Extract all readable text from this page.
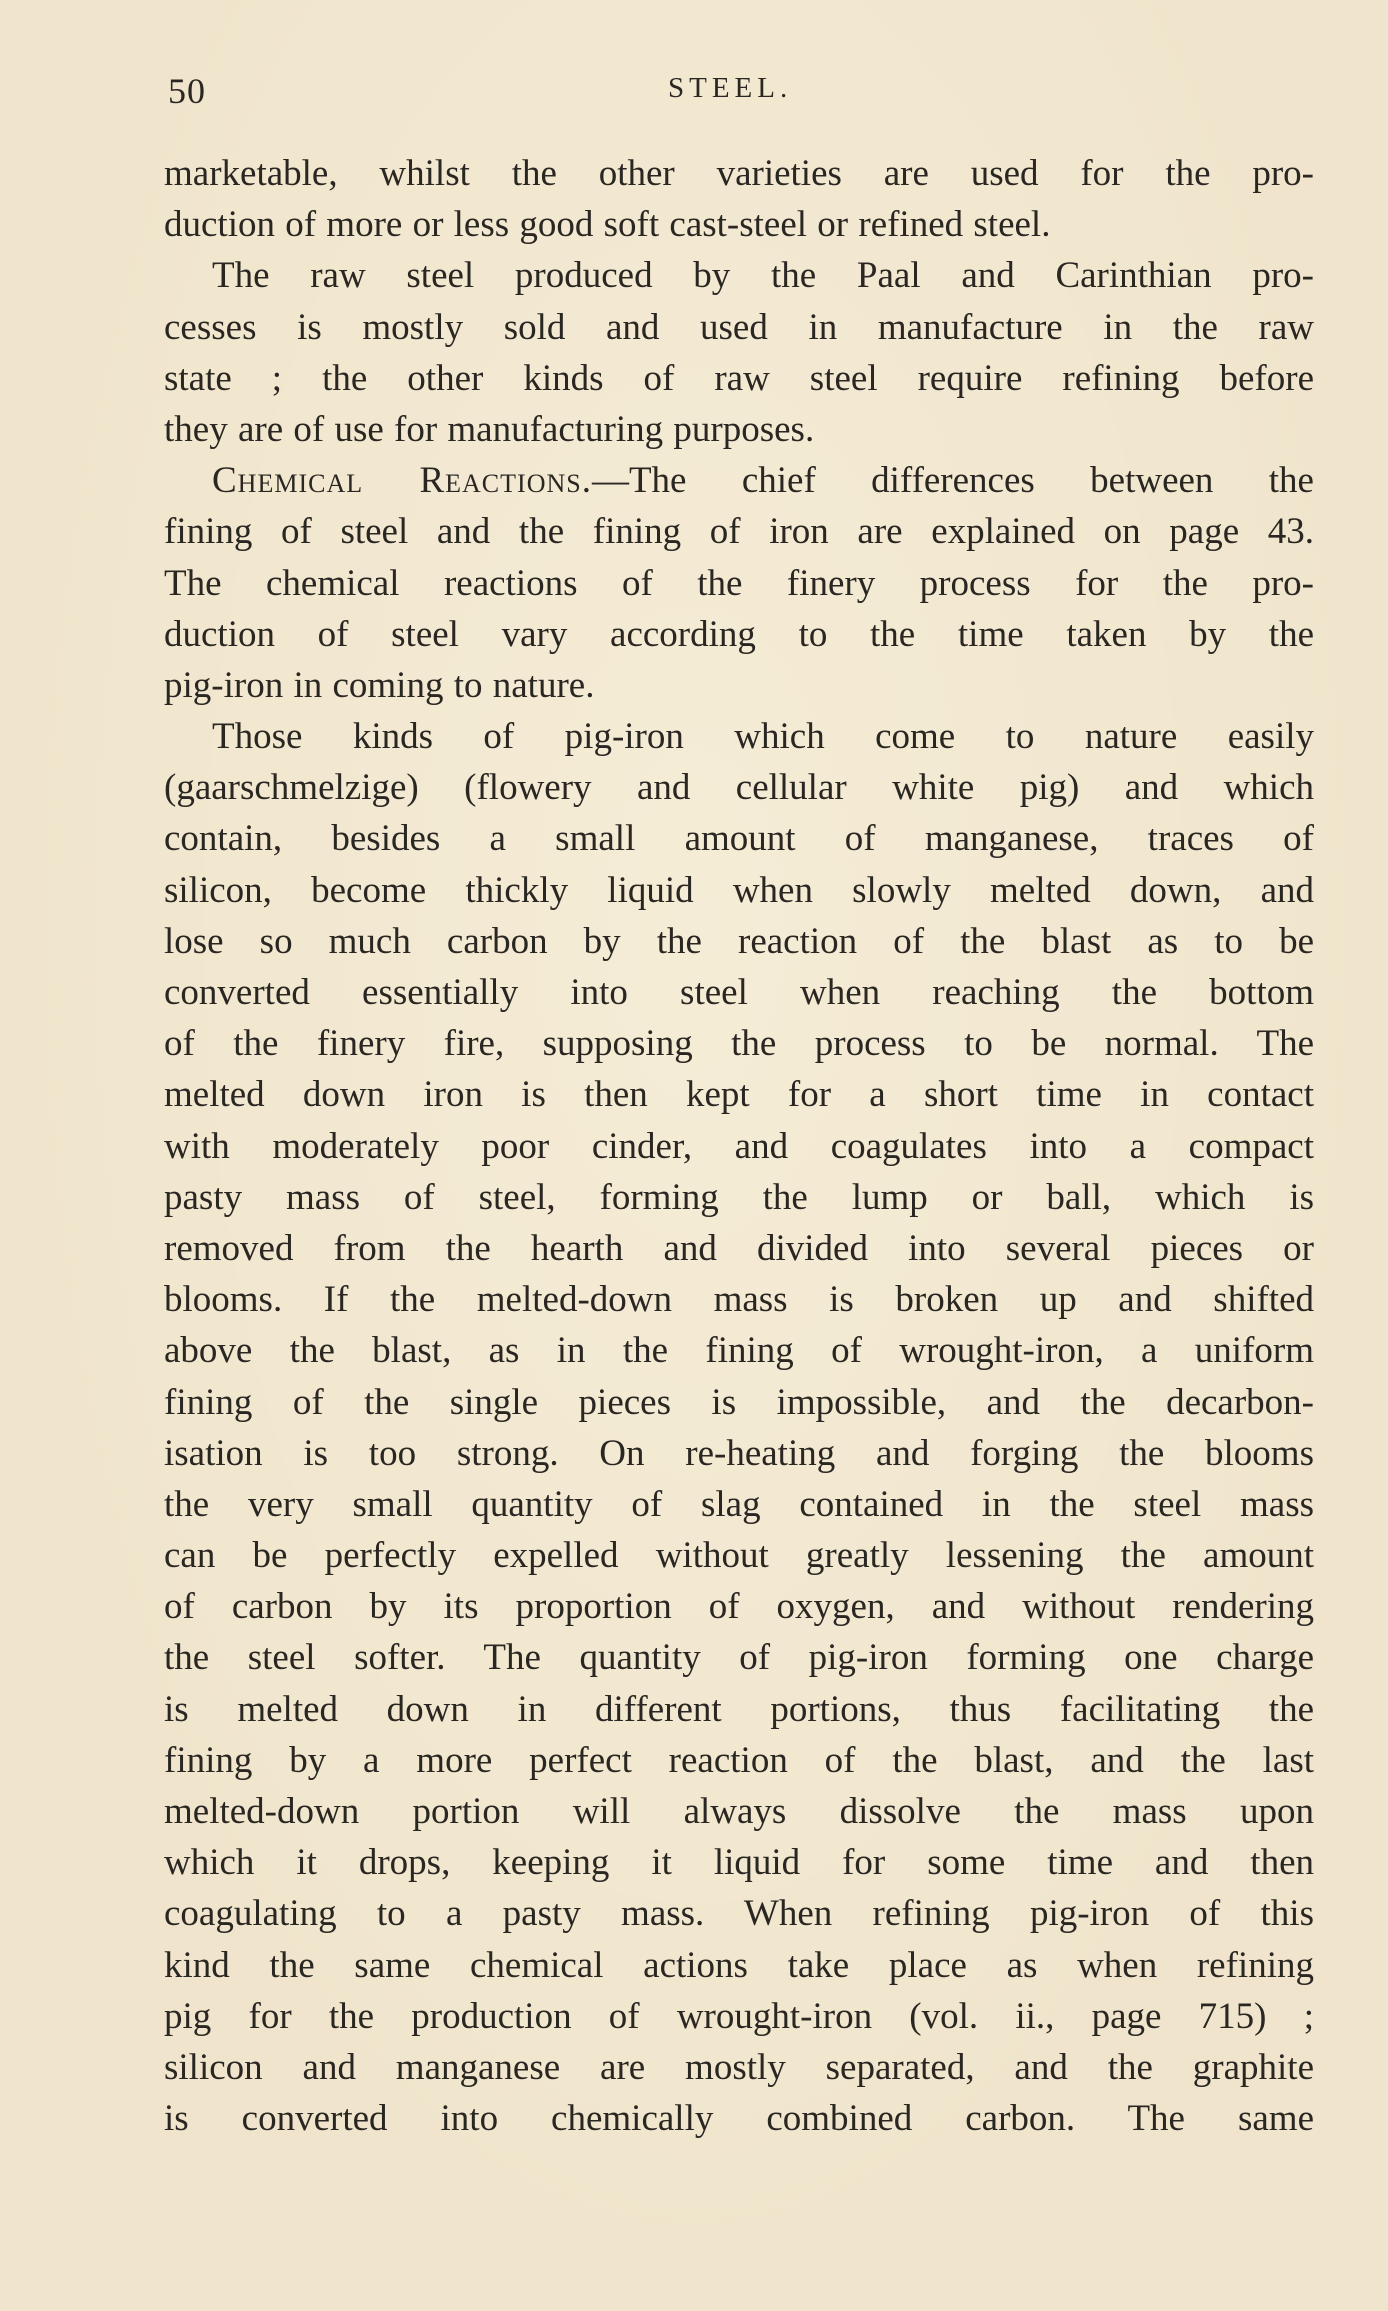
50	STEEL.
marketable, whilst the other varieties are used for the pro-
duction of more or less good soft cast-steel or refined steel.
The raw steel produced by the Paal and Carinthian pro-
cesses is mostly sold and used in manufacture in the raw
state ; the other kinds of raw steel require refining before
they are of use for manufacturing purposes.
Chemical Reactions.—The chief differences between the
fining of steel and the fining of iron are explained on page 43.
The chemical reactions of the finery process for the pro-
duction of steel vary according to the time taken by the
pig-iron in coming to nature.
Those kinds of pig-iron which come to nature easily
(gaarschmelzige) (flowery and cellular white pig) and which
contain, besides a small amount of manganese, traces of
silicon, become thickly liquid when slowly melted down, and
lose so much carbon by the reaction of the blast as to be
converted essentially into steel when reaching the bottom
of the finery fire, supposing the process to be normal. The
melted down iron is then kept for a short time in contact
with moderately poor cinder, and coagulates into a compact
pasty mass of steel, forming the lump or ball, which is
removed from the hearth and divided into several pieces or
blooms. If the melted-down mass is broken up and shifted
above the blast, as in the fining of wrought-iron, a uniform
fining of the single pieces is impossible, and the decarbon-
isation is too strong. On re-heating and forging the blooms
the very small quantity of slag contained in the steel mass
can be perfectly expelled without greatly lessening the amount
of carbon by its proportion of oxygen, and without rendering
the steel softer. The quantity of pig-iron forming one charge
is melted down in different portions, thus facilitating the
fining by a more perfect reaction of the blast, and the last
melted-down portion will always dissolve the mass upon
which it drops, keeping it liquid for some time and then
coagulating to a pasty mass. When refining pig-iron of this
kind the same chemical actions take place as when refining
pig for the production of wrought-iron (vol. ii., page 715) ;
silicon and manganese are mostly separated, and the graphite
is converted into chemically combined carbon. The same
